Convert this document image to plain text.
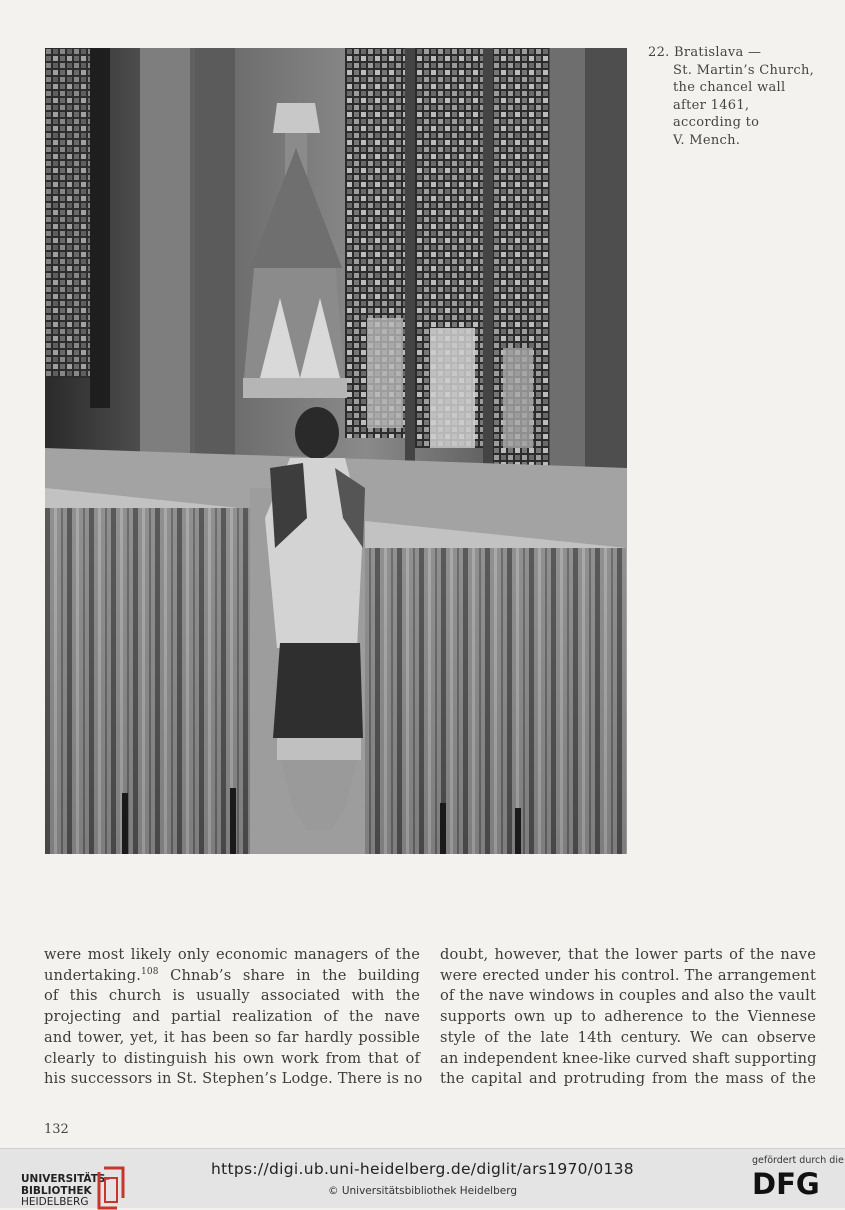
22. Bratislava —
St. Martin’s Church,
the chancel wall
after 1461,
according to
V. Mench.
were most likely only economic managers of the
undertaking.$^{108}$ Chnab’s share in the building
of this church is usually associated with the
projecting and partial realization of the nave
and tower, yet, it has been so far hardly possible
clearly to distinguish his own work from that of
his successors in St. Stephen’s Lodge. There is no
doubt, however, that the lower parts of the nave
were erected under his control. The arrangement
of the nave windows in couples and also the vault
supports own up to adherence to the Viennese
style of the late 14th century. We can observe
an independent knee-like curved shaft supporting
the capital and protruding from the mass of the
132
UNIVERSITÄTS-
BIBLIOTHEK
HEIDELBERG
https://digi.ub.uni-heidelberg.de/diglit/ars1970/0138
© Universitätsbibliothek Heidelberg
gefördert durch die
DFG
